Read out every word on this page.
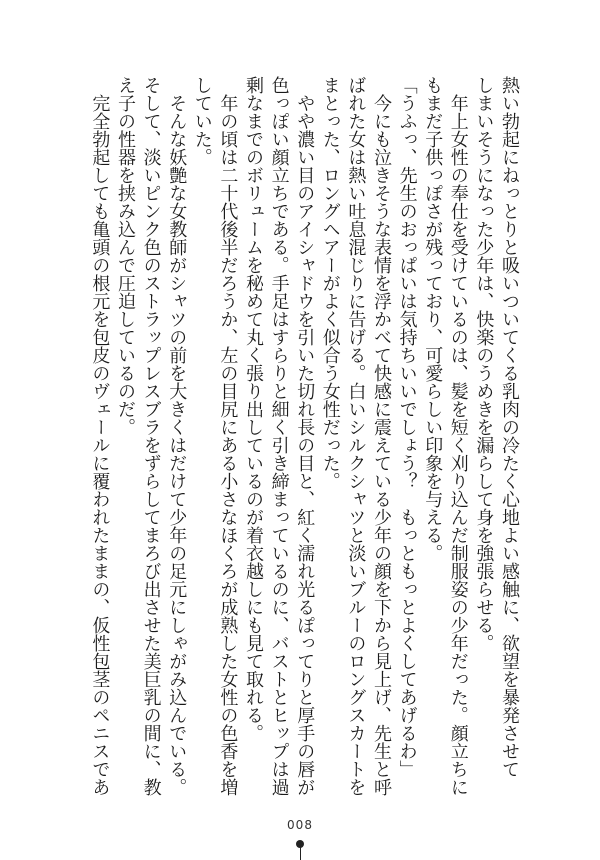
熱い勃起にねっとりと吸いついてくる乳肉の冷たく心地よい感触に、欲望を暴発させて
しまいそうになった少年は、快楽のうめきを漏らして身を強張らせる。
　年上女性の奉仕を受けているのは、髪を短く刈り込んだ制服姿の少年だった。顔立ちに
もまだ子供っぽさが残っており、可愛らしい印象を与える。
「うふっ、先生のおっぱいは気持ちいいでしょう？　もっともっとよくしてあげるわ」
　今にも泣きそうな表情を浮かべて快感に震えている少年の顔を下から見上げ、先生と呼
ばれた女は熱い吐息混じりに告げる。白いシルクシャツと淡いブルーのロングスカートを
まとった、ロングヘアーがよく似合う女性だった。
　やや濃い目のアイシャドウを引いた切れ長の目と、紅く濡れ光るぽってりと厚手の唇が
色っぽい顔立ちである。手足はすらりと細く引き締まっているのに、バストとヒップは過
剰なまでのボリュームを秘めて丸く張り出しているのが着衣越しにも見て取れる。
　年の頃は二十代後半だろうか、左の目尻にある小さなほくろが成熟した女性の色香を増
していた。
　そんな妖艶な女教師がシャツの前を大きくはだけて少年の足元にしゃがみ込んでいる。
そして、淡いピンク色のストラップレスブラをずらしてまろび出させた美巨乳の間に、教
え子の性器を挟み込んで圧迫しているのだ。
　完全勃起しても亀頭の根元を包皮のヴェールに覆われたままの、仮性包茎のペニスであ
008
